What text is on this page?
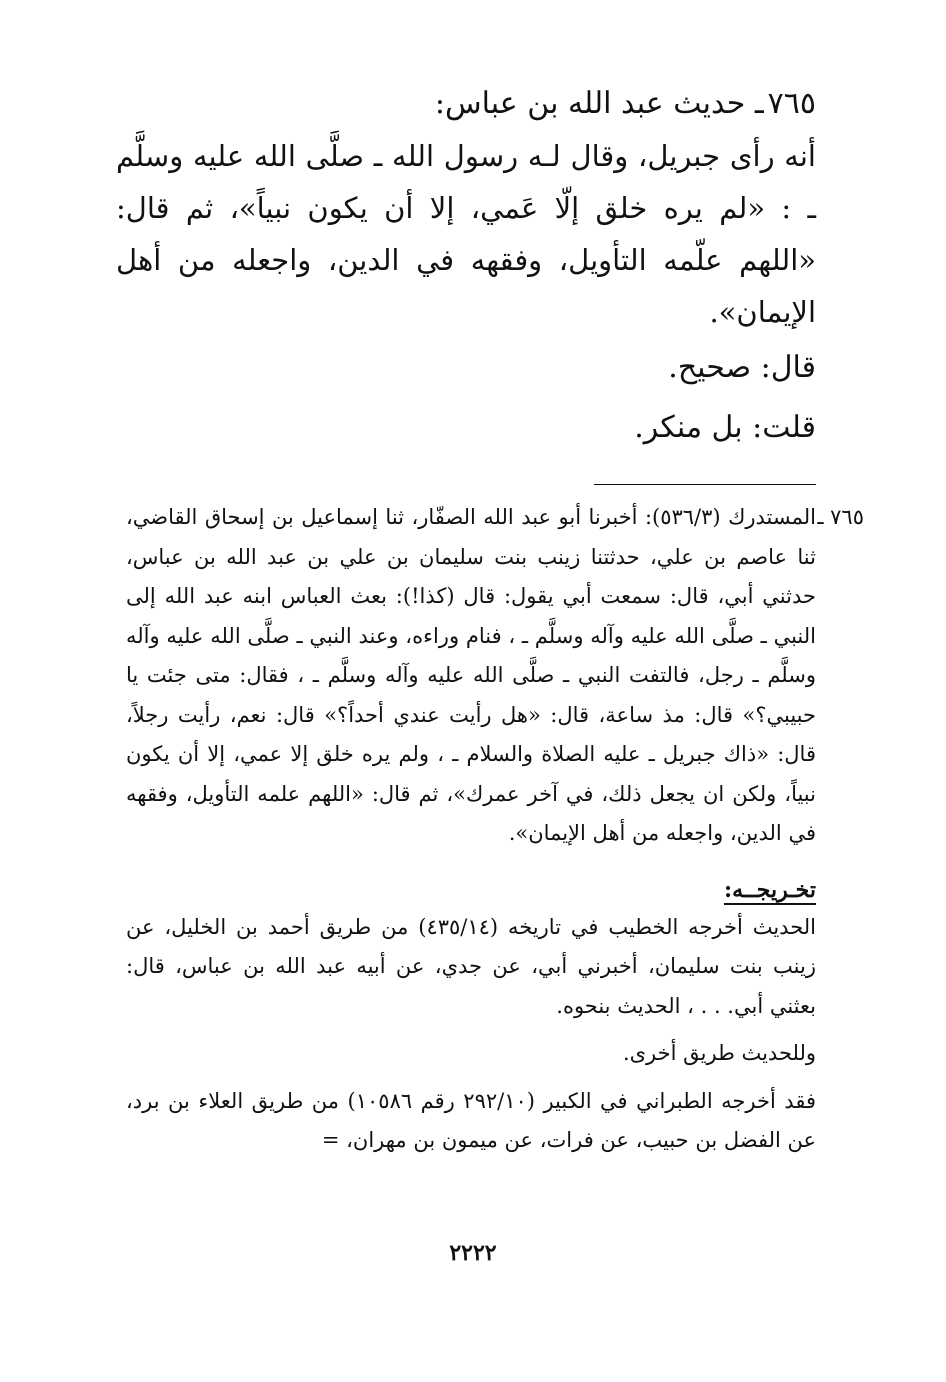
٧٦٥ـ حديث عبد الله بن عباس:

أنه رأى جبريل، وقال لـه رسول الله ـ صلَّى الله عليه وسلَّم ـ : «لم يره خلق إلّا عَمي، إلا أن يكون نبياً»، ثم قال: «اللهم علّمه التأويل، وفقهه في الدين، واجعله من أهل الإيمان».

قال: صحيح.

قلت: بل منكر.

٧٦٥ ـ

المستدرك (٥٣٦/٣): أخبرنا أبو عبد الله الصفّار، ثنا إسماعيل بن إسحاق القاضي، ثنا عاصم بن علي، حدثتنا زينب بنت سليمان بن علي بن عبد الله بن عباس، حدثني أبي، قال: سمعت أبي يقول: قال (كذا!): بعث العباس ابنه عبد الله إلى النبي ـ صلَّى الله عليه وآله وسلَّم ـ ، فنام وراءه، وعند النبي ـ صلَّى الله عليه وآله وسلَّم ـ رجل، فالتفت النبي ـ صلَّى الله عليه وآله وسلَّم ـ ، فقال: متى جئت يا حبيبي؟» قال: مذ ساعة، قال: «هل رأيت عندي أحداً؟» قال: نعم، رأيت رجلاً، قال: «ذاك جبريل ـ عليه الصلاة والسلام ـ ، ولم يره خلق إلا عمي، إلا أن يكون نبياً، ولكن ان يجعل ذلك، في آخر عمرك»، ثم قال: «اللهم علمه التأويل، وفقهه في الدين، واجعله من أهل الإيمان».

تخـريجــه:

الحديث أخرجه الخطيب في تاريخه (٤٣٥/١٤) من طريق أحمد بن الخليل، عن زينب بنت سليمان، أخبرني أبي، عن جدي، عن أبيه عبد الله بن عباس، قال: بعثني أبي. . . ، الحديث بنحوه.

وللحديث طريق أخرى.

فقد أخرجه الطبراني في الكبير (٢٩٢/١٠ رقم ١٠٥٨٦) من طريق العلاء بن برد، عن الفضل بن حبيب، عن فرات، عن ميمون بن مهران، =

٢٢٢٢
